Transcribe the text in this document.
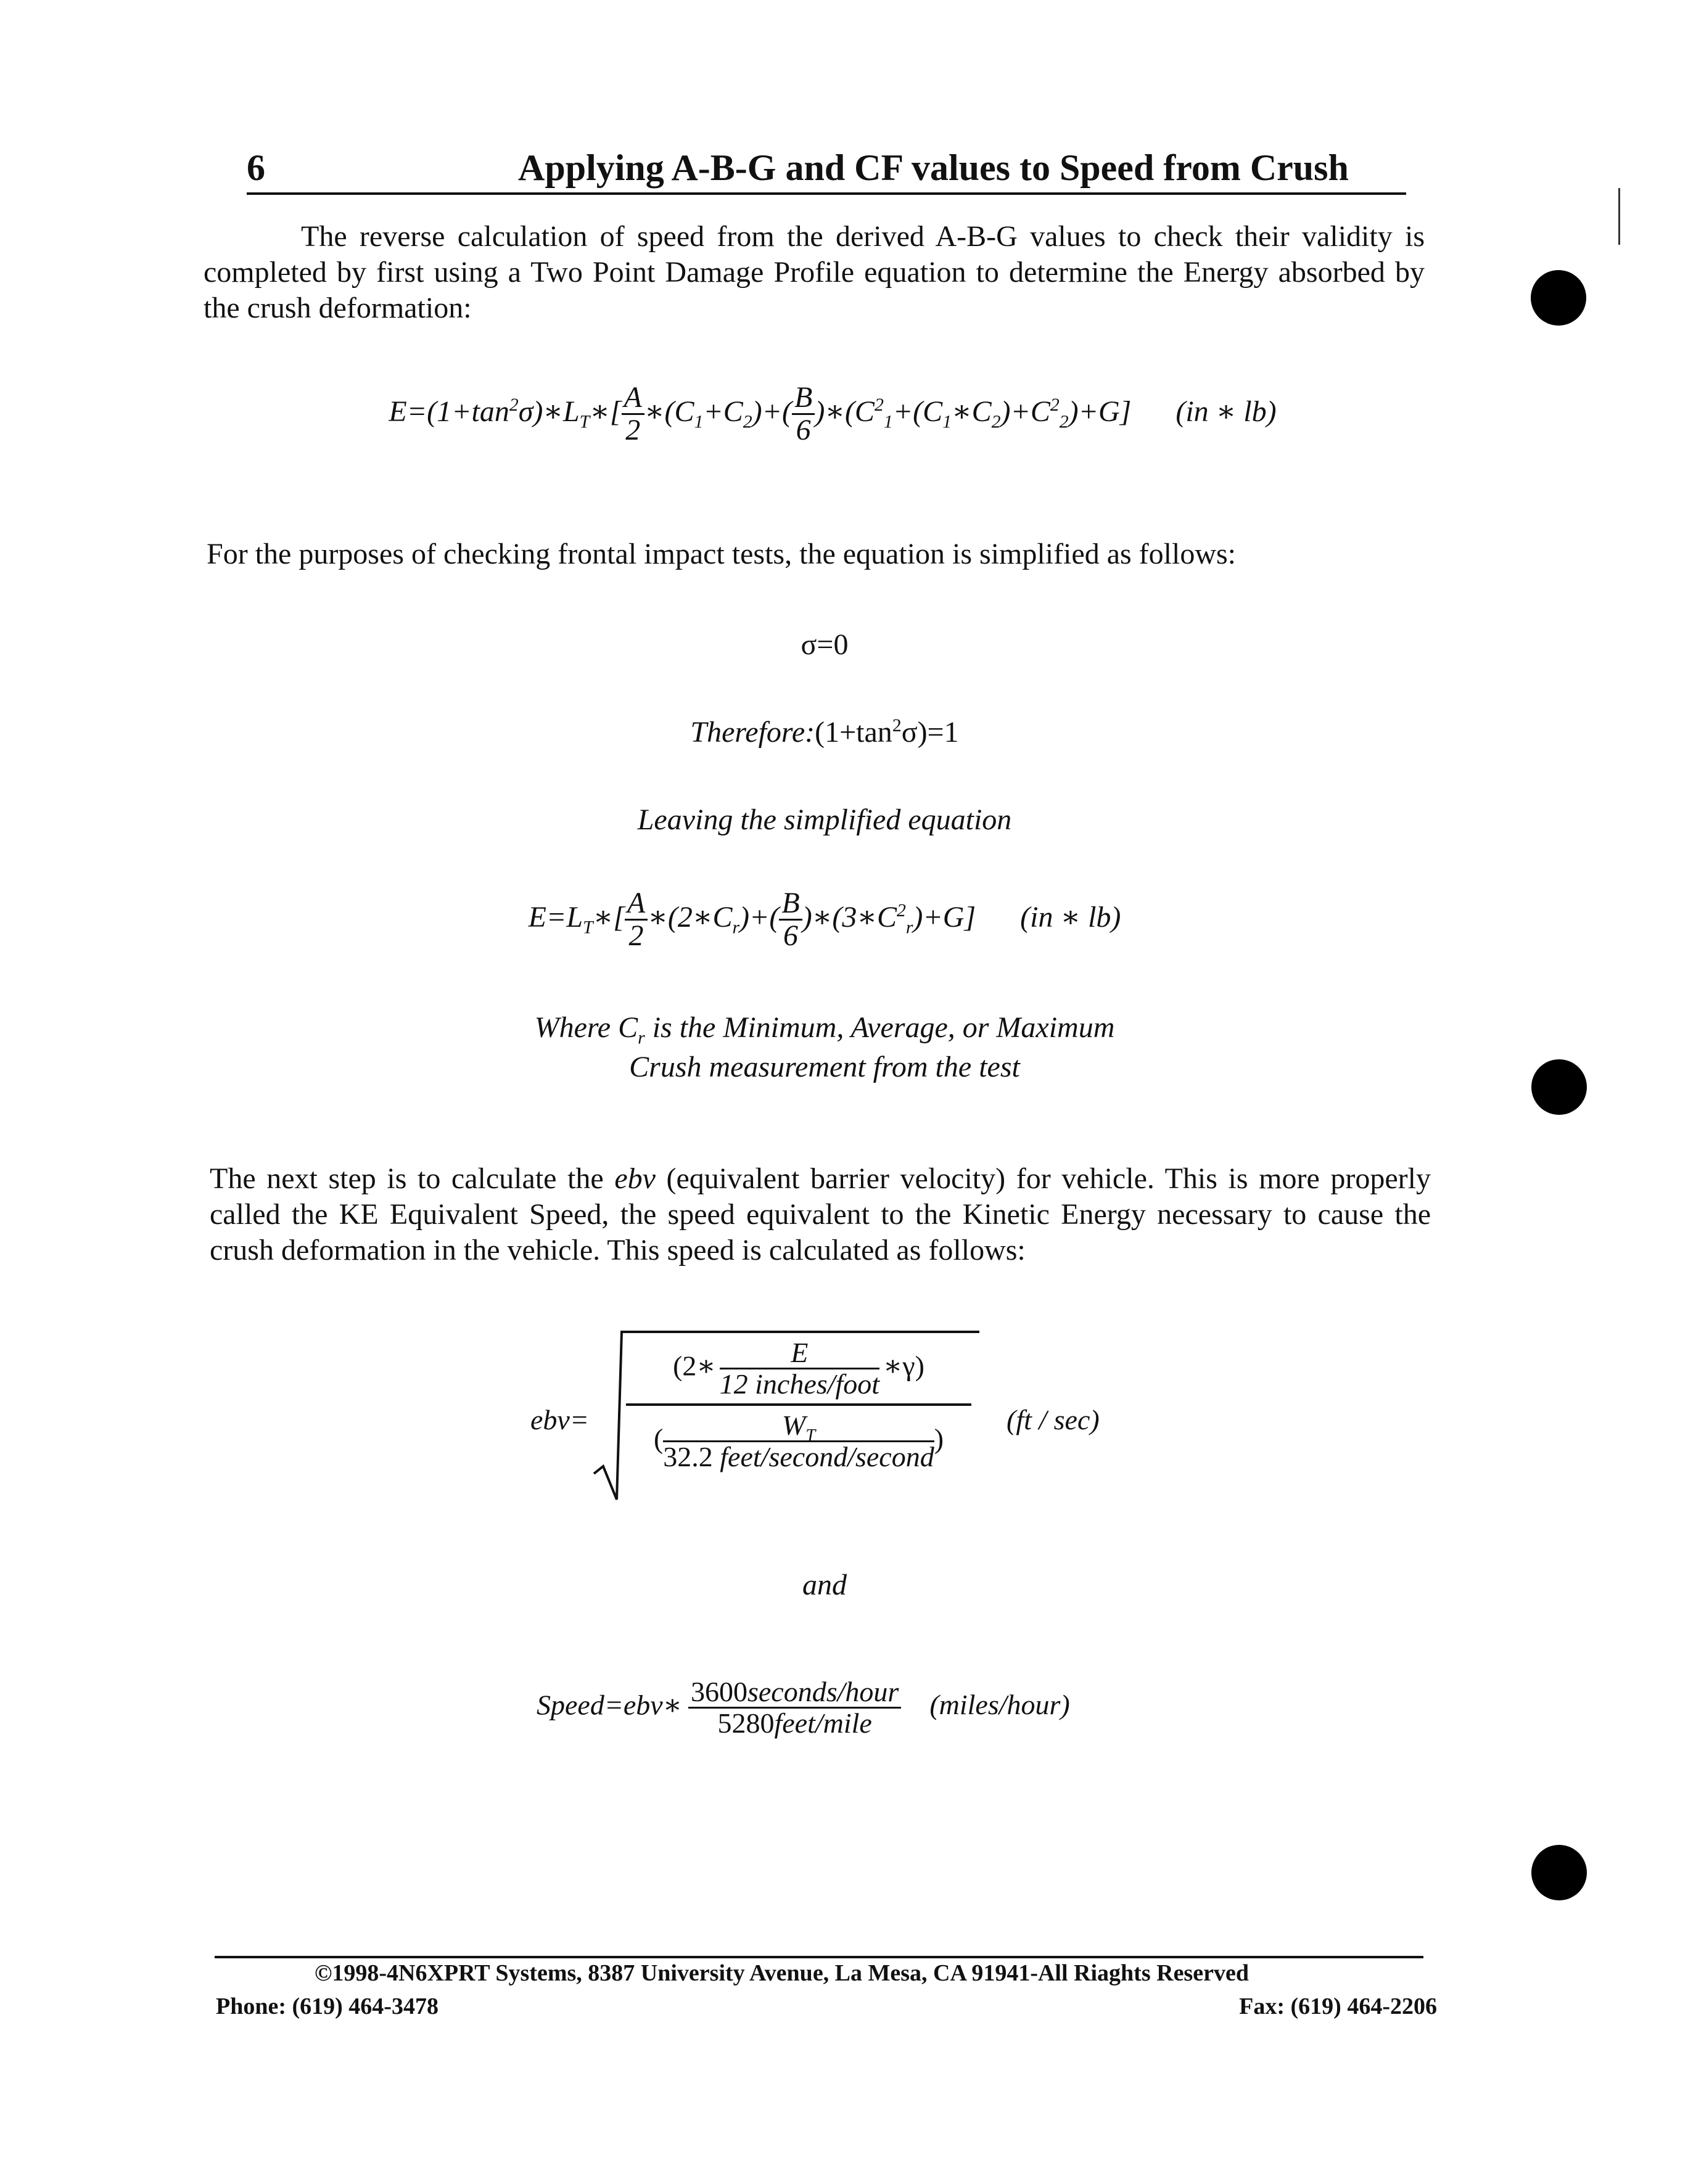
6	Applying A-B-G and CF values to Speed from Crush
The reverse calculation of speed from the derived A-B-G values to check their validity is completed by first using a Two Point Damage Profile equation to determine the Energy absorbed by the crush deformation:
$E=(1+\tan^2\sigma)∗L_T∗[ \frac{A}{2}$ $∗(C_1+C_2)+( \frac{B}{6}$ )$∗(C^2_1+(C_1∗C_2)+C^2_2)+G$] (in ∗ lb)
For the purposes of checking frontal impact tests, the equation is simplified as follows:
σ=0
$Therefore:(1+\tan^2\sigma)=1$
Leaving the simplified equation
$E=L_T∗[ \frac{A}{2}$ $∗(2∗C_r)+( \frac{B}{6}$ )$∗(3∗C^2_r)+G$] (in ∗ lb)
Where $C_r$ is the Minimum, Average, or Maximum
Crush measurement from the test
The next step is to calculate the ebv (equivalent barrier velocity) for vehicle. This is more properly called the KE Equivalent Speed, the speed equivalent to the Kinetic Energy necessary to cause the crush deformation in the vehicle. This speed is calculated as follows:
ebv=
(2∗	E
12 inches/foot
∗γ)
(	$W_T$
32.2 feet/second/second
)
(ft / sec)
and
Speed=ebv∗ 3600seconds/hour
5280feet/mile
(miles/hour)
©1998-4N6XPRT Systems, 8387 University Avenue, La Mesa, CA 91941-All Riaghts Reserved
Phone: (619) 464-3478	Fax: (619) 464-2206
